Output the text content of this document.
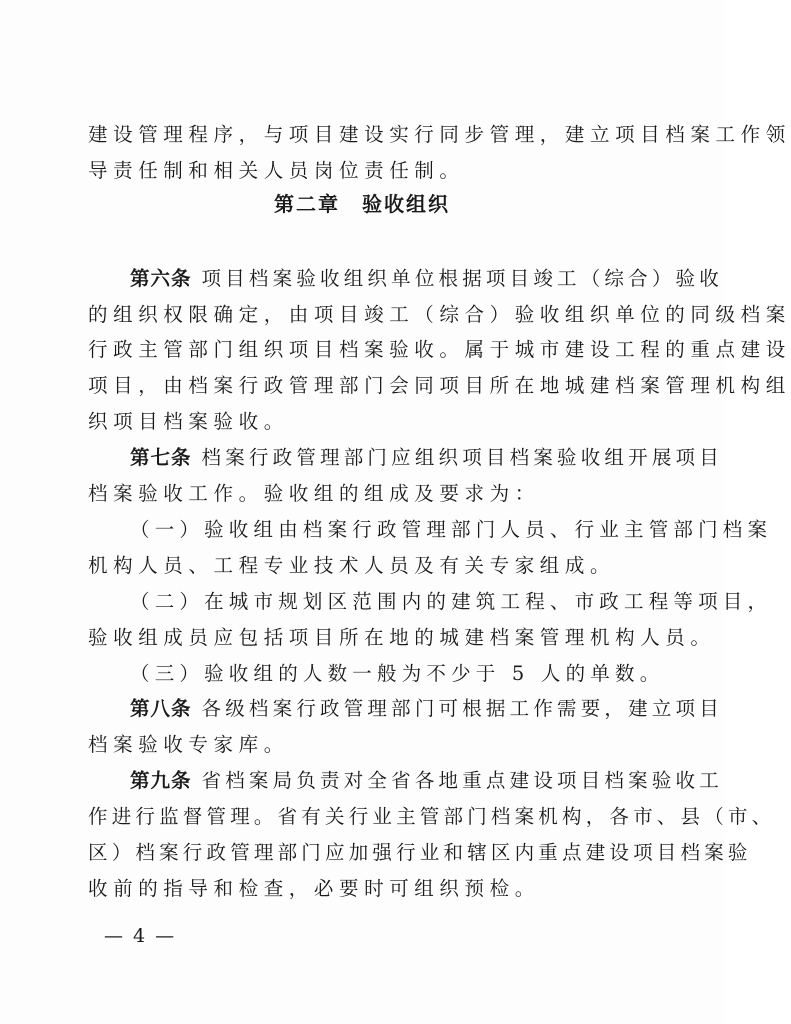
建设管理程序，与项目建设实行同步管理，建立项目档案工作领
导责任制和相关人员岗位责任制。
第二章 验收组织
第六条 项目档案验收组织单位根据项目竣工（综合）验收
的组织权限确定，由项目竣工（综合）验收组织单位的同级档案
行政主管部门组织项目档案验收。属于城市建设工程的重点建设
项目，由档案行政管理部门会同项目所在地城建档案管理机构组
织项目档案验收。
第七条 档案行政管理部门应组织项目档案验收组开展项目
档案验收工作。验收组的组成及要求为：
（一）验收组由档案行政管理部门人员、行业主管部门档案
机构人员、工程专业技术人员及有关专家组成。
（二）在城市规划区范围内的建筑工程、市政工程等项目，
验收组成员应包括项目所在地的城建档案管理机构人员。
（三）验收组的人数一般为不少于 5 人的单数。
第八条 各级档案行政管理部门可根据工作需要，建立项目
档案验收专家库。
第九条 省档案局负责对全省各地重点建设项目档案验收工
作进行监督管理。省有关行业主管部门档案机构，各市、县（市、
区）档案行政管理部门应加强行业和辖区内重点建设项目档案验
收前的指导和检查，必要时可组织预检。
— 4 —
